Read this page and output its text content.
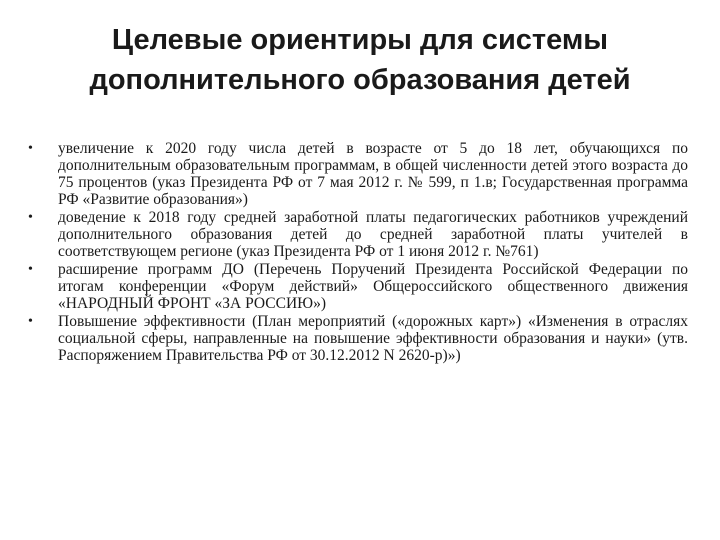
Целевые ориентиры для системы
дополнительного образования детей
• увеличение к 2020 году числа детей в возрасте от 5 до 18 лет, обучающихся по дополнительным образовательным программам, в общей численности детей этого возраста до 75 процентов (указ Президента РФ от 7 мая 2012 г. № 599, п 1.в; Государственная программа РФ «Развитие образования»)
• доведение к 2018 году средней заработной платы педагогических работников учреждений дополнительного образования детей до средней заработной платы учителей в соответствующем регионе (указ Президента РФ от 1 июня 2012 г. №761)
• расширение программ ДО (Перечень Поручений Президента Российской Федерации по итогам конференции «Форум действий» Общероссийского общественного движения «НАРОДНЫЙ ФРОНТ «ЗА РОССИЮ»)
• Повышение эффективности (План мероприятий («дорожных карт») «Изменения в отраслях социальной сферы, направленные на повышение эффективности образования и науки» (утв. Распоряжением Правительства РФ от 30.12.2012 N 2620-р)»)
